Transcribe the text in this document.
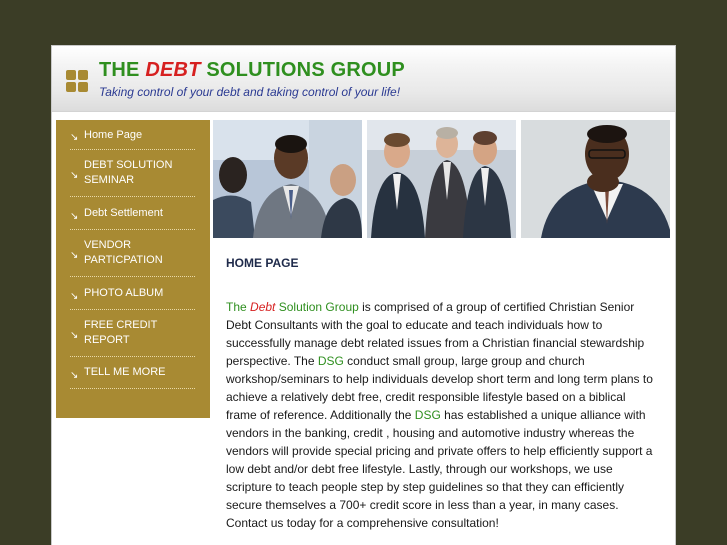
THE DEBT SOLUTIONS GROUP
Taking control of your debt and taking control of your life!
↘ Home Page
↘
DEBT SOLUTION
SEMINAR
↘ Debt Settlement
↘
VENDOR
PARTICPATION
↘ PHOTO ALBUM
↘
FREE CREDIT
REPORT
↘ TELL ME MORE
HOME PAGE

The Debt Solution Group is comprised of a group of certified Christian Senior Debt Consultants with the goal to educate and teach individuals how to successfully manage debt related issues from a Christian financial stewardship perspective. The DSG conduct small group, large group and church workshop/seminars to help individuals develop short term and long term plans to achieve a relatively debt free, credit responsible lifestyle based on a biblical frame of reference. Additionally the DSG has established a unique alliance with vendors in the banking, credit , housing and automotive industry whereas the vendors will provide special pricing and private offers to help efficiently support a low debt and/or debt free lifestyle. Lastly, through our workshops, we use scripture to teach people step by step guidelines so that they can efficiently secure themselves a 700+ credit score in less than a year, in many cases. Contact us today for a comprehensive consultation!
